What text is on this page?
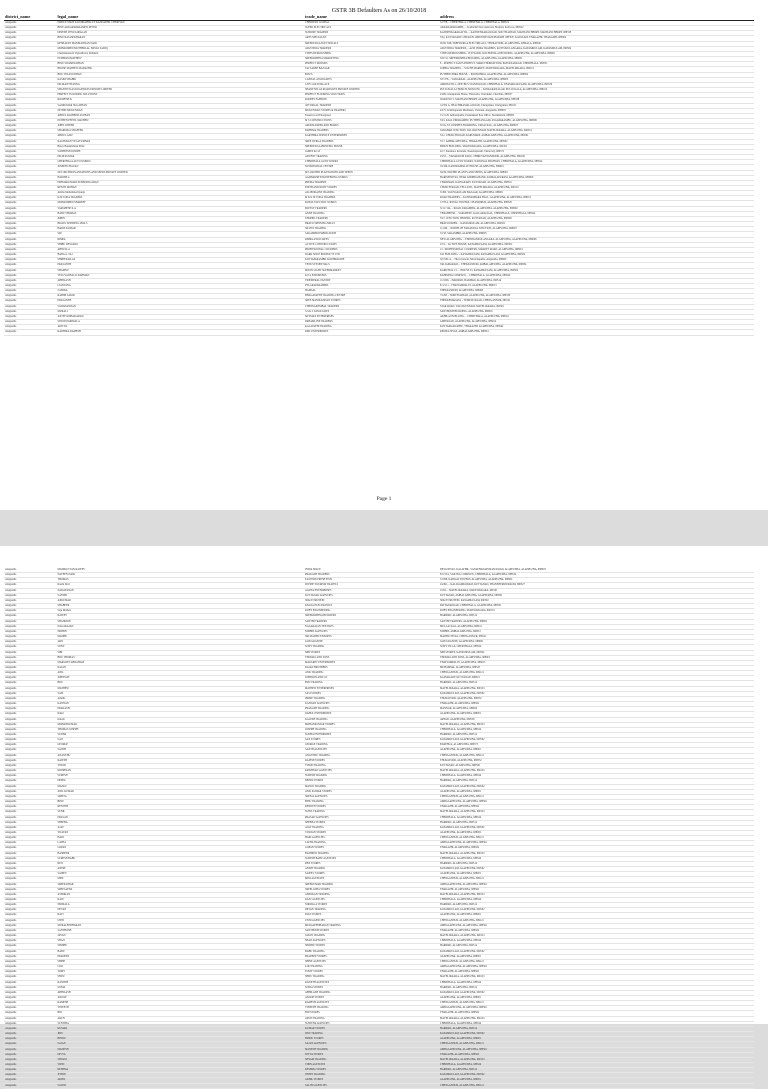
GSTR 3B Defaulters As on 26/10/2018
district_name	legal_name	trade_name	address
Alappuzha	PRINCE MANI KANJIRAPPALLY KANDATHIL CHERIYAN	CHERIYAN GLOBAL	12/378, .. CHERTHALA, CHERTHALA, CHERTHALA, 688524
Alappuzha	BINU AKKARAPARAMPIL PETER	SUPER ELECTRICALS	AKKARAPARAMPIL, .. Kozhichal Near Ayurveda Hospital, Kalavoor, 688522
Alappuzha	DINESH VENUGOPALAN	SUNRISE TRADERS	KANNENKARAKATTIL, .. KANNENKARA ROAD, SOUTH ARYAD, MANNANCHERRY, MANNANCHERRY, 688538
Alappuzha	BINU RAJASEKHARAN	ARTS SPECIALIST	3/61, KUTTANADU CHURCH, OPPOSITE PANCHAYATH OFFICE, KAVALAM, THAKAZHI, THAKAZHI, 688562
Alappuzha	KESHAVAN MANIKANDAN NAIR	SREEDURGA ELECTRICALS	D.NO XIII, SREEDURGA ELECTRICALS, THURAVOOR, ALAPPUZHA, KERALA, 688540
Alappuzha	MOHAMMED MOTHERLAL HAYAS SADIQ	AZIZ INDIA TRADERS	AZIZ INDIA TRADERS, .. AZIZ INDIA TRADERS, KOTTUKULANGARA, KAYAMKULAM, KAYAMKULAM, 690502
Alappuzha	Chembakasseril Vigneshwara Rathnam	VINES DEMOLISHING	VINES DEMOLISHING, 1ST FLOOR, KOCHUPILLAI BUILDING, ALAPPUZHA, ALAPPUZHA, 688001
Alappuzha	PUSHPAM MATHEW	SREEKRISHNA MARKETING	XIV/41, SREEKRISHNA BUILDING, ALAPPUZHA, ALAPPUZHA, 688001
Alappuzha	BINU SWAMINATHAN	PERFECT MOTORS	8 .. PERFECT SALES PERFECT, MARUTHORVATTOM, PATTANAKKAD, CHERTHALA, 688531
Alappuzha	BIJOSE MATHEW MADATHIL	TAJ SAREE BAZAAR	ZOHRA TRADING, .. SOUTH MARKET, MAVELIKKARA, MAVELIKKARA, 690101
Alappuzha	BIJU VELAYUDHAN	BIJU'S	PUTHENCHIRA HOUSE, .. POONCHIRA, ALAPPUZHA, ALAPPUZHA, 688004
Alappuzha	KASIM SHABIR	CAPITAL ASSOCIATES	XV/278, .. VADAKKAL, ALAPPUZHA, ALAPPUZHA, 688003
Alappuzha	DILIKANTH ANNA	CITY GOLD PALACE	AMRITA NO.1, OPP: BUS STAND ROAD, CHERTHALA, THAMARAKULAM, ALAPPUZHA, 690530
Alappuzha	SHANTIVILAS ROADWAYS PRIVATE LIMITED	SHANTIVILAS ROADWAYS PRIVATE LIMITED	PULLUKALA CHURCH, MOSCOW, .. SANKARANAGAR, PULLUKALA, ALAPPUZHA, 688012
Alappuzha	PERFECT FLOORING SOLUTIONS	PERFECT FLOORING SOLUTIONS	2/486, Arunapuram House, Thiruvalla, Chavakkal, Cherthala, 688537
Alappuzha	ROOPESH K	ROOPES FASHION	WARD NO 5, MANNANCHERRY, ALAPPUZHA, ALAPPUZHA, 688538
Alappuzha	SAJIKUMAR SUGATHAN	ATTUKKAL TRADERS	14/352 A, THACHIRAMALA ROAD, Chengannur, Chengannur, 689121
Alappuzha	NITHIN MUKUNDAN	MUKUNDAN STORES & TRADERS	4/475, Krishnapuram Muddasan, Vadackal, Alappuzha, 688003
Alappuzha	ABDUL RASHEED ASUBAN	Eastern Gold Enterprises	15/11-H, Ambalapuzha, Pattanakkad Post Office, Neerkunnam, 688005
Alappuzha	PUTHENVEETIL MATHEW	M S CONSTRUCTIONS	3/45, KALLUPPARAMBU, PUTHENANGADI, AYAAPARAMBU, ALAPPUZHA, 688006
Alappuzha	JOHN JOSEPH	AROMA PAPER AND BOOKS	X/5A, ST. JOSEPH'S BOARDING, VADACKAL, ALAPPUZHA, 688003
Alappuzha	SHARMILA SHAFEEK	FATHIMA TRADERS	JAWAHAR JUNCTION, VALLIKUNNAM, MAVELIKKARA, ALAPPUZHA, 690501
Alappuzha	ABDUL AZIZ	KARTHIKA SERVICE ENTERPRISES	5/41, CHURCH ROAD, KARUMADI, AMBALAPPUZHA, ALAPPUZHA, 688561
Alappuzha	RAGHAVAN VELAYUDHAN	SREE DURGA TRADERS	3/17, AMBALAPPUZHA, THAKAZHI, ALAPPUZHA, 688562
Alappuzha	Binoy Balakrishnan Pillai	SREEDURGA PRINTING HOUSE	BINOY BUILDING, MAVELIKKARA, ALAPPUZHA, 690101
Alappuzha	SATHEESH JOSEPH	JAMES & CO	4/17, Kuttanad, Kavalam, Neerettupuram, Thalavady, 689572
Alappuzha	DILIP KUMAR	ADVENT TRADING	23/52, .. VADAKKUM KAVU, THIRUVANVANDOOR, ALAPPUZHA, 689109
Alappuzha	CHERTHALA AUTO WORKS	CHERTHALA AUTO WORKS	CHERTHALA AUTO WORKS, NATIONAL HIGHWAY, CHERTHALA, ALAPPUZHA, 688524
Alappuzha	JOSEPH CHACKO	NUTRITIONAL CENTRE	18/169, KANJIRAPPALLY HOUSE, ALAPPUZHA, 688001
Alappuzha	M/S ORCHID PLANTATIONS AND SEEDS PRIVATE LIMITED	M/S ORCHID PLANTATIONS AND SEEDS	XI/29, ORCHID PLANTS AND SEEDS, ALAPPUZHA, 688001
Alappuzha	HARISH A	AADHARSH ENGINEERING WORKS	HARISH NIVAS, NEAR ANDHRA BANK, KOMALAPURAM, ALAPPUZHA, 688006
Alappuzha	PREMAKUMARI PUSHPANGADAN	PREMA TRADERS	CHAIRMAN, KAINAKARY, KUTTANAD, ALAPPUZHA, 688501
Alappuzha	RENJIT MOHAN	EDITH AND RUBY STORES	CHURCH ROAD, VELLAYIL, MAVELIKKARA, ALAPPUZHA, 690110
Alappuzha	Anitha Mohammed Kunju	ALLIEDRAINS TRADING	X/XII, VALIYAKULAM BAZAAR, ALAPPUZHA, 688001
Alappuzha	K.M TODA TRADERS	M K K M TODA TRADERS	ROAD TRADERS, .. KANNAMPARA HALL, ALAPPUZHA, ALAPPUZHA, 688011
Alappuzha	MOHAMMED SHAREEF	ROYAL ELECTRIC WORKS	1/378 A, ROYAL TOWERS, CHANDIRUR, ALAPPUZHA, 688528
Alappuzha	VARGHESE K A	BLESSY TRADERS	X/11/ 544, .. ROAD, PARAMBIL, ALAPPUZHA, ALAPPUZHA, 688002
Alappuzha	BABU THOMAS	ANNE TRADING	VERGHEESE, .. VARGHESE, KALLARACKAL, CHERTHALA, CHERTHALA, 688524
Alappuzha	JOBIN	THOPPIL TRADERS	3/27, JUNCTION, THOPPIL, KUTTANAD, ALAPPUZHA, 688506
Alappuzha	BRAVO SPINNING MILLS	BRAVO SPINNING MILLS	BRAVO PAPER, .. KAYAMKULAM, ALAPPUZHA, 690502
Alappuzha	HARIS KUMAR	SILVEX TRADING	11/246, .. NORTH OF NARAYANA JUNCTION, ALAPPUZHA, 688007
Alappuzha	SRI	SAKAMBRI FABRICATION	5/158, SAKAMBRI, ALAPPUZHA, 688005
Alappuzha	RIMPA	RIMPA ASSOCIATES	NEW ALAPPUZHA, .. THONDANKULANGARA, ALAPPUZHA, ALAPPUZHA, 688006
Alappuzha	SHIBU DEVADAS	ACTIVE CONSTRUCTIONS	2/33, .. ACTIVE HOUSE, KAYAMKULAM, ALAPPUZHA, 690502
Alappuzha	ABDULLA	PROFESSIONAL COURIERS	1/1, PROFESSIONAL COURIERS, MARKET ROAD, ALAPPUZHA, 688001
Alappuzha	BABA A. TAJ	DARK SPICE PRODUCTS LTD	TAJ BUILDING, .. KAYAMKULAM, KAYAMKULAM, ALAPPUZHA, 690502
Alappuzha	SHREEKAILAS	KOTTAPARAMBIL KOZHIKKODE	XV/582-A, .. Thevarvattom, Muvattupuzha, Alappuzha, 688001
Alappuzha	PRASANTH	VENUS ESSENTIALS	VALIAMARAM, .. THEKKUMURI, AMBALAPPUZHA, ALAPPUZHA, 688561
Alappuzha	SHAMNU	MOON LIGHT SUPERMARKET	KARICHAL 1/1, .. HOUSE 23, KAYAMKULAM, ALAPPUZHA, 690502
Alappuzha	VELUVACHALIL RAHMAN	K P A EXPORTERS	RAHIMIYA COMPLEX, .. CHERTHALA, ALAPPUZHA, 688524
Alappuzha	ABHILASH	TIDEMERAL PANTRY	11/1096, .. HARIPAD, HARIPAD, ALAPPUZHA, 690514
Alappuzha	LIANTANA	PYLARAPARAMBIL	E.3.3.11 .. THATTAMPALLY, ALAPPUZHA, 688013
Alappuzha	ZAHIDA	HAMSAL	THEKKUMURI, ALAPPUZHA, 688006
Alappuzha	RAHIM ZAKIR	BHAGAVATHY TRADING CENTRE	7/2295 .. NORTH ARYAD, ALAPPUZHA, ALAPPUZHA, 688538
Alappuzha	PRASANTH	SREE MANIKANDAN STORES	THEKKEMADAM, .. TEMPLE ROAD, CHENGANNUR, 689121
Alappuzha	SADANANDAN	CHENNAKEMBAL TRADERS	STAR ROAD, VALLIKUNNAM, MAVELIKKARA, 690501
Alappuzha	MURALI	S.S.K.T ASSOCIATES	SANTHOSH BUILDING, ALAPPUZHA, 688001
Alappuzha	AJITH SUDHAKARAN	SKYMAX ENTERPRISES	AKHILA DWELLING, .. CHERTHALA, ALAPPUZHA, 688524
Alappuzha	VINOD PARIMALA	DREAMLINE TRADERS	GMB ROAD, ALAPPUZHA, ALAPPUZHA, 688012
Alappuzha	ADITYA	KALAVATHI TRADING	KOTTAKKAKATHU, THAKAZHI, ALAPPUZHA, 688562
Alappuzha	RADHIKA RAMESH	RMC ENTERPRISES	REMYA NIVAS, AMBALAPPUZHA, 688561
Page 1
Alappuzha	MANIKUTTAN RAJEEV	INDIA SPACE	DEVA NIVAS, KALATHIL, SANATHANAPURAM ROAD, ALAPPUZHA, ALAPPUZHA, 688003
Alappuzha	NAVEEN NAIR	PRAKASH TRADERS	8/1155A, SAILING COMPLEX, CHERTHALA, ALAPPUZHA, 688524
Alappuzha	THOMAS	EASTERN FRESH FISH	5/1068, KAIRALI TOWERS, ALAPPUZHA, ALAPPUZHA, 688001
Alappuzha	Rasmi Devi	DIVINE TOURISM TRAVELS	24/491, .. KALAVAMKODAM, KUTTANAD, THANNEERMUKKOM, 688527
Alappuzha	NARAYANAN	AADYA ENTERPRISES	10/02, .. MAVELIKKARA, MAVELIKKARA, 690101
Alappuzha	SANTHI	KUTTANAD AGENCIES	KUTTANAD, AMBALAPPUZHA, ALAPPUZHA, 688561
Alappuzha	AJIKUMAR	SPACE PROTEIN	SPACE PROTEIN, KAYAMKULAM, 690502
Alappuzha	SHABEER	KNASA ELECTRONICS	PATTANAKKAD, CHERTHALA, ALAPPUZHA, 688531
Alappuzha	Saju Mathew	RUBY ENGINEERING	RUBY ENGINEERING, MAVELIKKARA, 690101
Alappuzha	RAJEEV	SREEKRISHNA BUILDERS	HARIPAD, ALAPPUZHA, 690514
Alappuzha	SHAJIMON	SANTHI TRADERS	SANTHI TRADERS, ALAPPUZHA, 688011
Alappuzha	NAGARAJAN	NAGARAJAN TEXTILES	MULLACKAL, ALAPPUZHA, 688011
Alappuzha	NIDHIN	NIDHIN AGENCIES	NIDHIN, AMBALAPPUZHA, 688561
Alappuzha	MADHU	SRI MADHU EXPORTS	MADHU NIVAS, CHENGANNUR, 689121
Alappuzha	JAIN	JAIN GRANITE	JAIN GRANITE, ALAPPUZHA, 688001
Alappuzha	SONY	SONY TRADING	SONY VILLA, CHERTHALA, 688524
Alappuzha	SIBI	SIBI STORES	SIBI STORES, KAYAMKULAM, 690502
Alappuzha	BIJU THOMAS	THOMAS AND SONS	THOMAS AND SONS, ALAPPUZHA, 688001
Alappuzha	MARGRET ABRAHAM	MARGRET ENTERPRISES	THATTAMPALLY, ALAPPUZHA, 688013
Alappuzha	RAJAN	RAJAN BROTHERS	MUHAMMA, ALAPPUZHA, 688525
Alappuzha	ANIL	ANIL TRADING	CHENGANNUR, ALAPPUZHA, 689121
Alappuzha	JOHNSON	JOHNSON AND CO	KAINAKARY, KUTTANAD, 688501
Alappuzha	BIJU	BIJU TRADING	HARIPAD, ALAPPUZHA, 690514
Alappuzha	MATHEW	MATHEW ENTERPRISES	MAVELIKKARA, ALAPPUZHA, 690101
Alappuzha	SASI	SASI STORES	KAYAMKULAM, ALAPPUZHA, 690502
Alappuzha	Amitha	PRIME TRADING	THURAVOOR, ALAPPUZHA, 688532
Alappuzha	KANNAN	KANNAN AGENCIES	THAKAZHI, ALAPPUZHA, 688562
Alappuzha	PRAKASH	PRAKASH TRADING	MANNAR, ALAPPUZHA, 689622
Alappuzha	Rahul	RAHUL ENTERPRISES	ALAPPUZHA, ALAPPUZHA, 688001
Alappuzha	Kalesh	KALESH TRADING	ARYAD, ALAPPUZHA, 688538
Alappuzha	MOHANKUMAR	MOHANKUMAR STORES	MAVELIKKARA, ALAPPUZHA, 690101
Alappuzha	THOMAS JOSEPH	JOSEPH TRADING	CHERTHALA, ALAPPUZHA, 688524
Alappuzha	SUDHA	SUDHA ENTERPRISES	HARIPAD, ALAPPUZHA, 690514
Alappuzha	SAJI	SAJI STORES	KAYAMKULAM, ALAPPUZHA, 690502
Alappuzha	GEORGE	GEORGE TRADING	EDATHUA, ALAPPUZHA, 689573
Alappuzha	SAJITH	SAJITH AGENCIES	ALAPPUZHA, ALAPPUZHA, 688001
Alappuzha	ANANTHU	ANANTHU TRADING	CHENGANNUR, ALAPPUZHA, 689121
Alappuzha	RAJESH	RAJESH STORES	THURAVOOR, ALAPPUZHA, 688532
Alappuzha	VINOD	VINOD TRADING	KUTTANAD, ALAPPUZHA, 688506
Alappuzha	KRISHNAN	KRISHNAN AGENCIES	MAVELIKKARA, ALAPPUZHA, 690101
Alappuzha	SURESH	SURESH TRADING	CHERTHALA, ALAPPUZHA, 688524
Alappuzha	DEEPA	DEEPA STORES	HARIPAD, ALAPPUZHA, 690514
Alappuzha	MANOJ	MANOJ TRADING	KAYAMKULAM, ALAPPUZHA, 690502
Alappuzha	ANIL KUMAR	ANIL KUMAR STORES	ALAPPUZHA, ALAPPUZHA, 688001
Alappuzha	SREEJA	SREEJA AGENCIES	CHENGANNUR, ALAPPUZHA, 689121
Alappuzha	BINU	BINU TRADING	AMBALAPPUZHA, ALAPPUZHA, 688561
Alappuzha	RENJITH	RENJITH STORES	THAKAZHI, ALAPPUZHA, 688562
Alappuzha	SUNIL	SUNIL TRADING	MAVELIKKARA, ALAPPUZHA, 690101
Alappuzha	PRASAD	PRASAD AGENCIES	CHERTHALA, ALAPPUZHA, 688524
Alappuzha	SHEEBA	SHEEBA STORES	HARIPAD, ALAPPUZHA, 690514
Alappuzha	AJAY	AJAY TRADING	KAYAMKULAM, ALAPPUZHA, 690502
Alappuzha	VIJAYAN	VIJAYAN STORES	ALAPPUZHA, ALAPPUZHA, 688001
Alappuzha	HARI	HARI AGENCIES	CHENGANNUR, ALAPPUZHA, 689121
Alappuzha	LATHA	LATHA TRADING	AMBALAPPUZHA, ALAPPUZHA, 688561
Alappuzha	GOPAN	GOPAN STORES	THAKAZHI, ALAPPUZHA, 688562
Alappuzha	BASHEER	BASHEER TRADING	MAVELIKKARA, ALAPPUZHA, 690101
Alappuzha	SURESH BABU	SURESH BABU AGENCIES	CHERTHALA, ALAPPUZHA, 688524
Alappuzha	REJI	REJI STORES	HARIPAD, ALAPPUZHA, 690514
Alappuzha	ANISH	ANISH TRADING	KAYAMKULAM, ALAPPUZHA, 690502
Alappuzha	SAJEEV	SAJEEV STORES	ALAPPUZHA, ALAPPUZHA, 688001
Alappuzha	MINI	MINI AGENCIES	CHENGANNUR, ALAPPUZHA, 689121
Alappuzha	SREEKUMAR	SREEKUMAR TRADING	AMBALAPPUZHA, ALAPPUZHA, 688561
Alappuzha	SREELATHA	SREELATHA STORES	THAKAZHI, ALAPPUZHA, 688562
Alappuzha	ASHOKAN	ASHOKAN TRADING	MAVELIKKARA, ALAPPUZHA, 690101
Alappuzha	RAJU	RAJU AGENCIES	CHERTHALA, ALAPPUZHA, 688524
Alappuzha	NIRMALA	NIRMALA STORES	HARIPAD, ALAPPUZHA, 690514
Alappuzha	DEVAN	DEVAN TRADING	KAYAMKULAM, ALAPPUZHA, 690502
Alappuzha	RAVI	RAVI STORES	ALAPPUZHA, ALAPPUZHA, 688001
Alappuzha	UNNI	UNNI AGENCIES	CHENGANNUR, ALAPPUZHA, 689121
Alappuzha	MURALEEDHARAN	MURALEEDHARAN TRADING	AMBALAPPUZHA, ALAPPUZHA, 688561
Alappuzha	SANTHOSH	SANTHOSH STORES	THAKAZHI, ALAPPUZHA, 688562
Alappuzha	JAYAN	JAYAN TRADING	MAVELIKKARA, ALAPPUZHA, 690101
Alappuzha	SHAJI	SHAJI AGENCIES	CHERTHALA, ALAPPUZHA, 688524
Alappuzha	SINDHU	SINDHU STORES	HARIPAD, ALAPPUZHA, 690514
Alappuzha	BABU	BABU TRADING	KAYAMKULAM, ALAPPUZHA, 690502
Alappuzha	PRADEEP	PRADEEP STORES	ALAPPUZHA, ALAPPUZHA, 688001
Alappuzha	SHINE	SHINE AGENCIES	CHENGANNUR, ALAPPUZHA, 689121
Alappuzha	LIJO	LIJO TRADING	AMBALAPPUZHA, ALAPPUZHA, 688561
Alappuzha	TOMY	TOMY STORES	THAKAZHI, ALAPPUZHA, 688562
Alappuzha	SHIJU	SHIJU TRADING	MAVELIKKARA, ALAPPUZHA, 690101
Alappuzha	RANJITH	RANJITH AGENCIES	CHERTHALA, ALAPPUZHA, 688524
Alappuzha	SONIA	SONIA STORES	HARIPAD, ALAPPUZHA, 690514
Alappuzha	ABHILASH	ABHILASH TRADING	KAYAMKULAM, ALAPPUZHA, 690502
Alappuzha	ANOOP	ANOOP STORES	ALAPPUZHA, ALAPPUZHA, 688001
Alappuzha	RAMESH	RAMESH AGENCIES	CHENGANNUR, ALAPPUZHA, 689121
Alappuzha	VINEETH	VINEETH TRADING	AMBALAPPUZHA, ALAPPUZHA, 688561
Alappuzha	BIJI	BIJI STORES	THAKAZHI, ALAPPUZHA, 688562
Alappuzha	ARUN	ARUN TRADING	MAVELIKKARA, ALAPPUZHA, 690101
Alappuzha	SUNITHA	SUNITHA AGENCIES	CHERTHALA, ALAPPUZHA, 688524
Alappuzha	KUMAR	KUMAR STORES	HARIPAD, ALAPPUZHA, 690514
Alappuzha	JINU	JINU TRADING	KAYAMKULAM, ALAPPUZHA, 690502
Alappuzha	BINDU	BINDU STORES	ALAPPUZHA, ALAPPUZHA, 688001
Alappuzha	SAJAN	SAJAN AGENCIES	CHENGANNUR, ALAPPUZHA, 689121
Alappuzha	MANESH	MANESH TRADING	AMBALAPPUZHA, ALAPPUZHA, 688561
Alappuzha	DIVYA	DIVYA STORES	THAKAZHI, ALAPPUZHA, 688562
Alappuzha	SHYAM	SHYAM TRADING	MAVELIKKARA, ALAPPUZHA, 690101
Alappuzha	VIPIN	VIPIN AGENCIES	CHERTHALA, ALAPPUZHA, 688524
Alappuzha	RESHMA	RESHMA STORES	HARIPAD, ALAPPUZHA, 690514
Alappuzha	JITHIN	JITHIN TRADING	KAYAMKULAM, ALAPPUZHA, 690502
Alappuzha	AKHIL	AKHIL STORES	ALAPPUZHA, ALAPPUZHA, 688001
Alappuzha	SALINI	SALINI AGENCIES	CHENGANNUR, ALAPPUZHA, 689121
